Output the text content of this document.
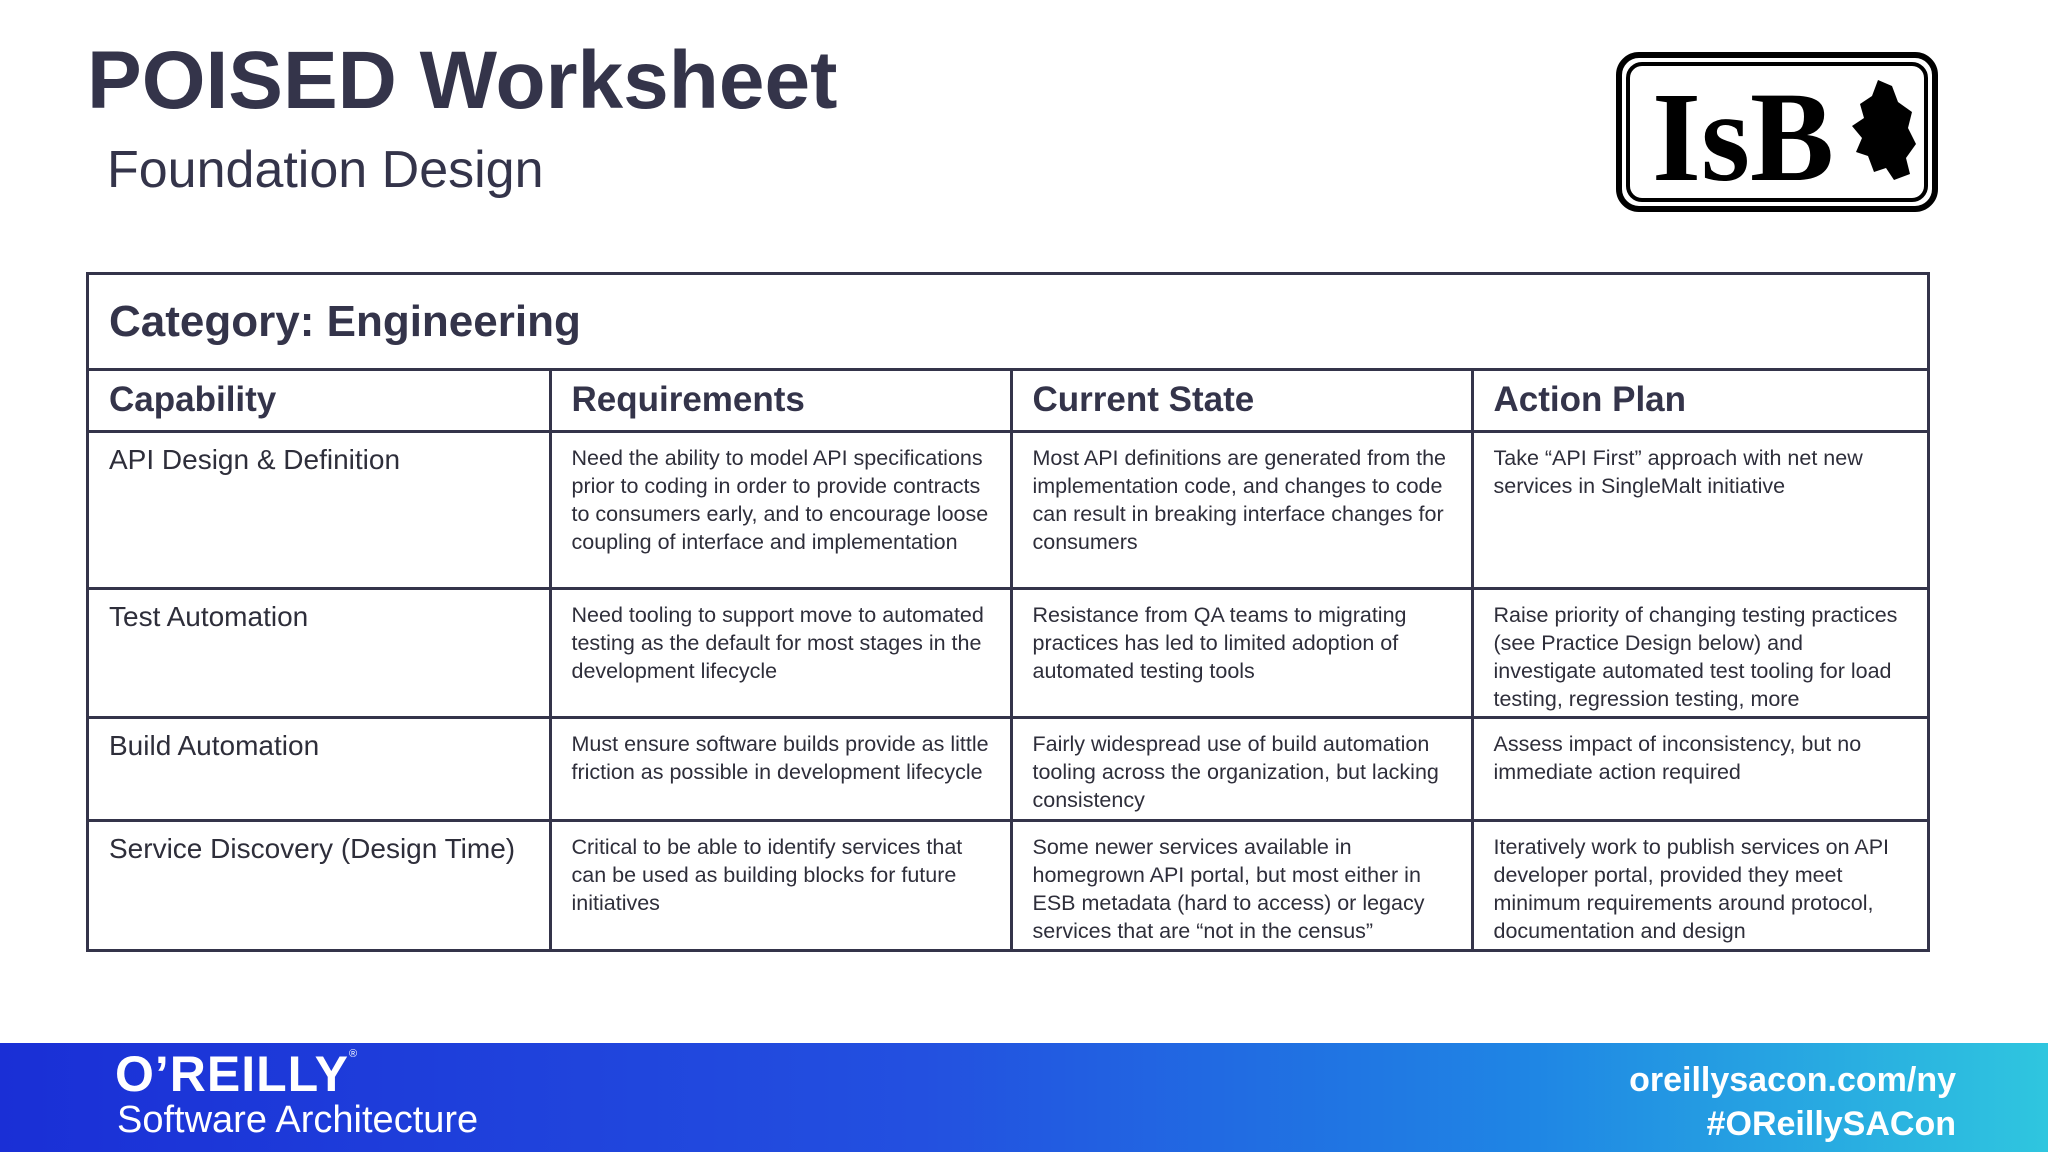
POISED Worksheet
Foundation Design	IsB
Category: Engineering
Capability	Requirements	Current State	Action Plan
API Design & Definition	Need the ability to model API specifications prior to coding in order to provide contracts to consumers early, and to encourage loose coupling of interface and implementation	Most API definitions are generated from the implementation code, and changes to code can result in breaking interface changes for consumers	Take “API First” approach with net new services in SingleMalt initiative
Test Automation	Need tooling to support move to automated testing as the default for most stages in the development lifecycle	Resistance from QA teams to migrating practices has led to limited adoption of automated testing tools	Raise priority of changing testing practices (see Practice Design below) and investigate automated test tooling for load testing, regression testing, more
Build Automation	Must ensure software builds provide as little friction as possible in development lifecycle	Fairly widespread use of build automation tooling across the organization, but lacking consistency	Assess impact of inconsistency, but no immediate action required
Service Discovery (Design Time)	Critical to be able to identify services that can be used as building blocks for future initiatives	Some newer services available in homegrown API portal, but most either in ESB metadata (hard to access) or legacy services that are “not in the census”	Iteratively work to publish services on API developer portal, provided they meet minimum requirements around protocol, documentation and design
O’REILLY®
Software Architecture
oreillysacon.com/ny
#OReillySACon
